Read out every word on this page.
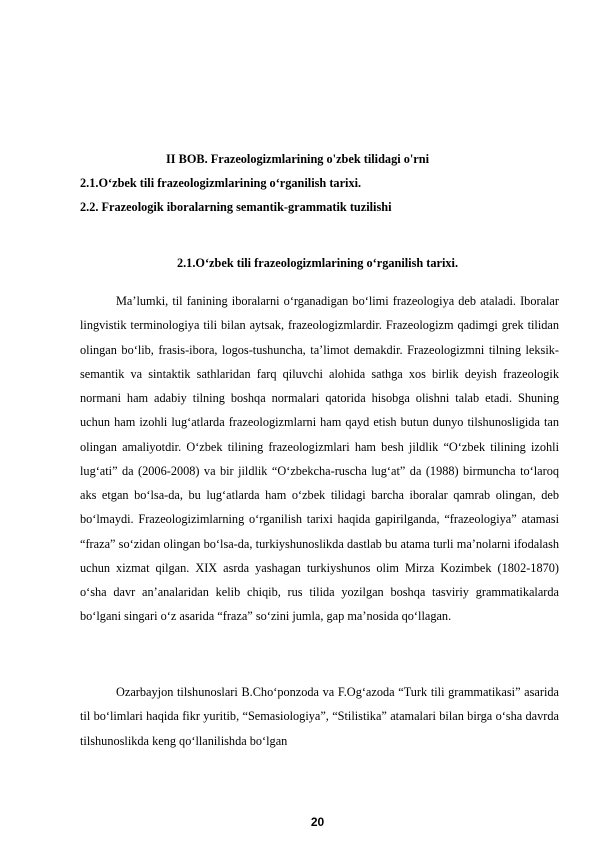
II BOB. Frazeologizmlarining o'zbek tilidagi o'rni
2.1.O‘zbek tili frazeologizmlarining o‘rganilish tarixi.
2.2. Frazeologik iboralarning semantik-grammatik tuzilishi
2.1.O‘zbek tili frazeologizmlarining o‘rganilish tarixi.

Ma’lumki, til fanining iboralarni o‘rganadigan bo‘limi frazeologiya deb ataladi. Iboralar lingvistik terminologiya tili bilan aytsak, frazeologizmlardir. Frazeologizm qadimgi grek tilidan olingan bo‘lib, frasis-ibora, logos-tushuncha, ta’limot demakdir. Frazeologizmni tilning leksik-semantik va sintaktik sathlaridan farq qiluvchi alohida sathga xos birlik deyish frazeologik normani ham adabiy tilning boshqa normalari qatorida hisobga olishni talab etadi. Shuning uchun ham izohli lug‘atlarda frazeologizmlarni ham qayd etish butun dunyo tilshunosligida tan olingan amaliyotdir. O‘zbek tilining frazeologizmlari ham besh jildlik “O‘zbek tilining izohli lug‘ati” da (2006-2008) va bir jildlik “O‘zbekcha-ruscha lug‘at” da (1988) birmuncha to‘laroq aks etgan bo‘lsa-da, bu lug‘atlarda ham o‘zbek tilidagi barcha iboralar qamrab olingan, deb bo‘lmaydi. Frazeologizimlarning o‘rganilish tarixi haqida gapirilganda, “frazeologiya” atamasi “fraza” so‘zidan olingan bo‘lsa-da, turkiyshunoslikda dastlab bu atama turli ma’nolarni ifodalash uchun xizmat qilgan. XIX asrda yashagan turkiyshunos olim Mirza Kozimbek (1802-1870) o‘sha davr an’analaridan kelib chiqib, rus tilida yozilgan boshqa tasviriy grammatikalarda bo‘lgani singari o‘z asarida “fraza” so‘zini jumla, gap ma’nosida qo‘llagan.

Ozarbayjon tilshunoslari B.Cho‘ponzoda va F.Og‘azoda “Turk tili grammatikasi” asarida til bo‘limlari haqida fikr yuritib, “Semasiologiya”, “Stilistika” atamalari bilan birga o‘sha davrda tilshunoslikda keng qo‘llanilishda bo‘lgan

20
